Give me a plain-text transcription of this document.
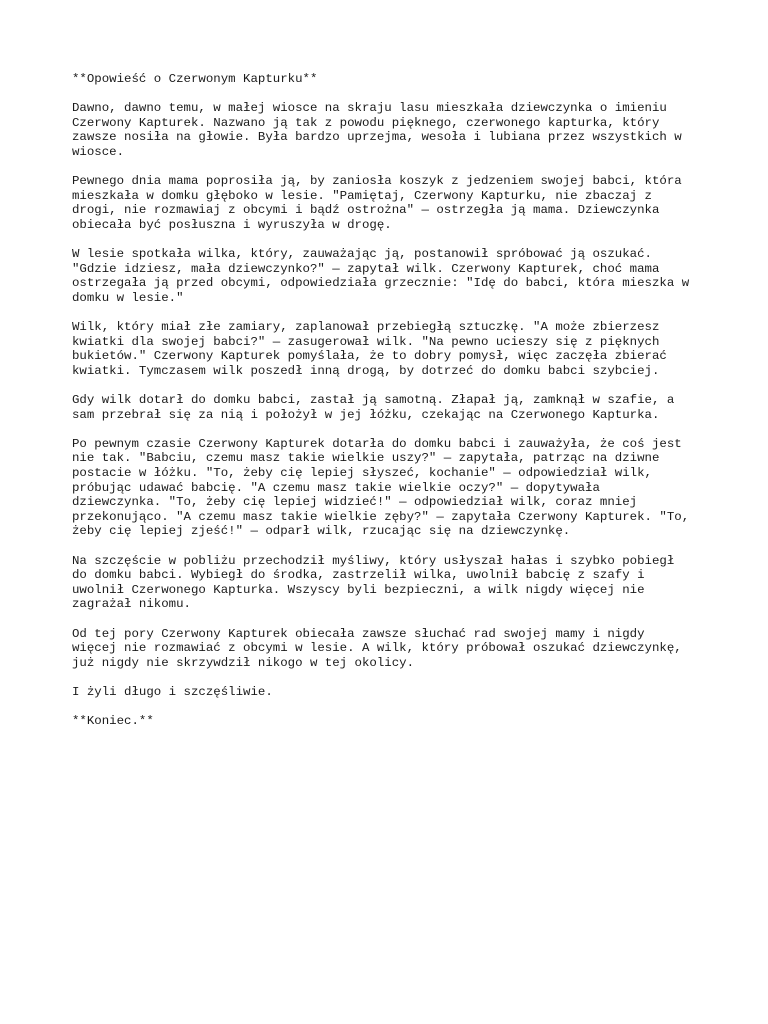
**Opowieść o Czerwonym Kapturku**
Dawno, dawno temu, w małej wiosce na skraju lasu mieszkała dziewczynka o imieniu
Czerwony Kapturek. Nazwano ją tak z powodu pięknego, czerwonego kapturka, który
zawsze nosiła na głowie. Była bardzo uprzejma, wesoła i lubiana przez wszystkich w
wiosce.
Pewnego dnia mama poprosiła ją, by zaniosła koszyk z jedzeniem swojej babci, która
mieszkała w domku głęboko w lesie. "Pamiętaj, Czerwony Kapturku, nie zbaczaj z
drogi, nie rozmawiaj z obcymi i bądź ostrożna" — ostrzegła ją mama. Dziewczynka
obiecała być posłuszna i wyruszyła w drogę.
W lesie spotkała wilka, który, zauważając ją, postanowił spróbować ją oszukać.
"Gdzie idziesz, mała dziewczynko?" — zapytał wilk. Czerwony Kapturek, choć mama
ostrzegała ją przed obcymi, odpowiedziała grzecznie: "Idę do babci, która mieszka w
domku w lesie."
Wilk, który miał złe zamiary, zaplanował przebiegłą sztuczkę. "A może zbierzesz
kwiatki dla swojej babci?" — zasugerował wilk. "Na pewno ucieszy się z pięknych
bukietów." Czerwony Kapturek pomyślała, że to dobry pomysł, więc zaczęła zbierać
kwiatki. Tymczasem wilk poszedł inną drogą, by dotrzeć do domku babci szybciej.
Gdy wilk dotarł do domku babci, zastał ją samotną. Złapał ją, zamknął w szafie, a
sam przebrał się za nią i położył w jej łóżku, czekając na Czerwonego Kapturka.
Po pewnym czasie Czerwony Kapturek dotarła do domku babci i zauważyła, że coś jest
nie tak. "Babciu, czemu masz takie wielkie uszy?" — zapytała, patrząc na dziwne
postacie w łóżku. "To, żeby cię lepiej słyszeć, kochanie" — odpowiedział wilk,
próbując udawać babcię. "A czemu masz takie wielkie oczy?" — dopytywała
dziewczynka. "To, żeby cię lepiej widzieć!" — odpowiedział wilk, coraz mniej
przekonująco. "A czemu masz takie wielkie zęby?" — zapytała Czerwony Kapturek. "To,
żeby cię lepiej zjeść!" — odparł wilk, rzucając się na dziewczynkę.
Na szczęście w pobliżu przechodził myśliwy, który usłyszał hałas i szybko pobiegł
do domku babci. Wybiegł do środka, zastrzelił wilka, uwolnił babcię z szafy i
uwolnił Czerwonego Kapturka. Wszyscy byli bezpieczni, a wilk nigdy więcej nie
zagrażał nikomu.
Od tej pory Czerwony Kapturek obiecała zawsze słuchać rad swojej mamy i nigdy
więcej nie rozmawiać z obcymi w lesie. A wilk, który próbował oszukać dziewczynkę,
już nigdy nie skrzywdził nikogo w tej okolicy.
I żyli długo i szczęśliwie.
**Koniec.**
